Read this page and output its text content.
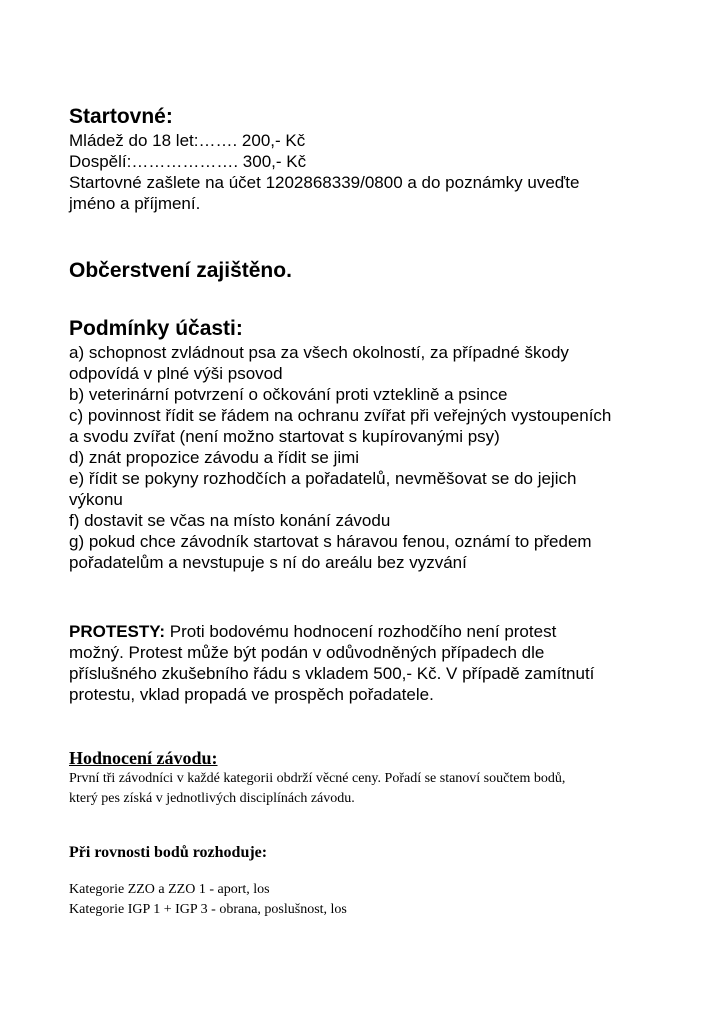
Startovné:
Mládež do 18 let:……. 200,- Kč
Dospělí:………………. 300,- Kč
Startovné zašlete na účet 1202868339/0800 a do poznámky uveďte
jméno a příjmení.
Občerstvení zajištěno.
Podmínky účasti:
a) schopnost zvládnout psa za všech okolností, za případné škody
odpovídá v plné výši psovod
b) veterinární potvrzení o očkování proti vzteklině a psince
c) povinnost řídit se řádem na ochranu zvířat při veřejných vystoupeních
a svodu zvířat (není možno startovat s kupírovanými psy)
d) znát propozice závodu a řídit se jimi
e) řídit se pokyny rozhodčích a pořadatelů, nevměšovat se do jejich
výkonu
f) dostavit se včas na místo konání závodu
g) pokud chce závodník startovat s háravou fenou, oznámí to předem
pořadatelům a nevstupuje s ní do areálu bez vyzvání
PROTESTY: Proti bodovému hodnocení rozhodčího není protest
možný. Protest může být podán v odůvodněných případech dle
příslušného zkušebního řádu s vkladem 500,- Kč. V případě zamítnutí
protestu, vklad propadá ve prospěch pořadatele.
Hodnocení závodu:
První tři závodníci v každé kategorii obdrží věcné ceny. Pořadí se stanoví součtem bodů,
který pes získá v jednotlivých disciplínách závodu.
Při rovnosti bodů rozhoduje:
Kategorie ZZO a ZZO 1 - aport, los
Kategorie IGP 1 + IGP 3 - obrana, poslušnost, los
